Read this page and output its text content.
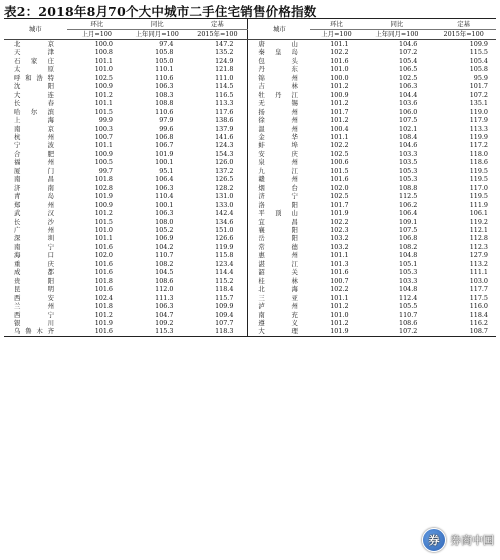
表2：2018年8月70个大中城市二手住宅销售价格指数
城市	环比	同比	定基	城市	环比	同比	定基
	上月=100	上年同月=100	2015年=100		上月=100	上年同月=100	2015年=100
北 京	100.0	97.4	147.2	唐 山	101.1	104.6	109.9
天 津	100.8	105.8	135.2	秦皇岛	102.2	107.2	115.5
石家庄	101.1	105.0	124.9	包 头	101.6	105.4	105.4
太 原	101.0	110.1	121.8	丹 东	101.0	106.5	105.8
呼和浩特	102.5	110.6	111.0	锦 州	100.0	102.5	95.9
沈 阳	100.9	106.3	114.5	吉 林	101.2	106.3	101.7
大 连	101.2	108.3	116.5	牡丹江	100.9	104.4	107.2
长 春	101.1	108.8	113.3	无 锡	101.2	103.6	135.1
哈尔滨	101.5	110.6	117.6	扬 州	101.7	106.0	119.0
上 海	99.9	97.9	138.6	徐 州	101.2	107.5	117.9
南 京	100.3	99.6	137.9	温 州	100.4	102.1	113.3
杭 州	100.7	106.8	141.6	金 华	101.1	108.4	119.9
宁 波	101.1	106.7	124.3	蚌 埠	102.2	104.6	117.2
合 肥	100.9	101.9	154.3	安 庆	102.5	103.3	118.0
福 州	100.5	100.1	126.0	泉 州	100.6	103.5	118.6
厦 门	99.7	95.1	137.2	九 江	101.5	105.3	119.5
南 昌	101.8	106.4	126.5	赣 州	101.6	105.3	119.5
济 南	102.8	106.3	128.2	烟 台	102.0	108.8	117.0
青 岛	101.9	110.4	131.0	济 宁	102.5	112.5	119.5
郑 州	100.9	100.1	133.0	洛 阳	101.7	106.2	111.9
武 汉	101.2	106.3	142.4	平顶山	101.9	106.4	106.1
长 沙	101.5	108.0	134.6	宜 昌	102.2	109.1	119.2
广 州	101.0	105.2	151.0	襄 阳	102.3	107.5	112.1
深 圳	101.1	106.9	126.6	岳 阳	103.2	106.8	112.8
南 宁	101.6	104.2	119.9	常 德	103.2	108.2	112.3
海 口	102.0	110.7	115.8	惠 州	101.1	104.8	127.9
重 庆	101.6	108.2	123.4	湛 江	101.3	105.1	113.2
成 都	101.6	104.5	114.4	韶 关	101.6	105.3	111.1
贵 阳	101.8	108.6	115.2	桂 林	100.7	103.3	103.0
昆 明	101.6	112.0	118.4	北 海	102.2	104.8	117.7
西 安	102.4	111.3	115.7	三 亚	101.1	112.4	117.5
兰 州	101.8	106.3	109.9	泸 州	101.2	105.5	116.0
西 宁	101.2	104.7	109.4	南 充	101.0	110.7	118.4
银 川	101.9	109.2	107.7	遵 义	101.2	108.6	116.2
乌鲁木齐	101.6	115.3	118.3	大 理	101.9	107.2	108.7
券 券商中国
